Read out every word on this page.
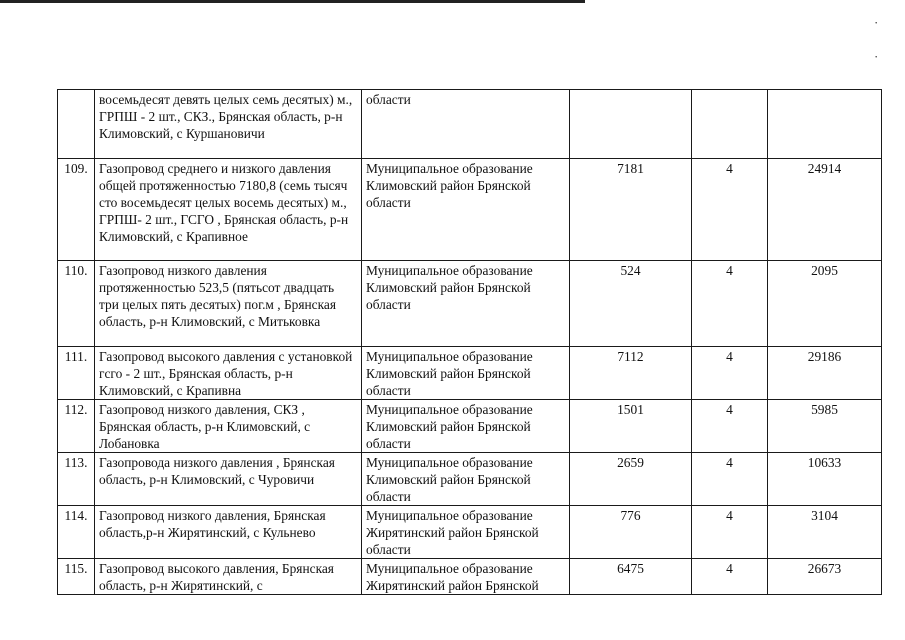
·
·
	восемьдесят девять целых семь десятых) м., ГРПШ - 2 шт., СКЗ., Брянская область, р-н Климовский, с Куршановичи	области			
109.	Газопровод среднего и низкого давления общей протяженностью 7180,8 (семь тысяч сто восемьдесят целых восемь десятых) м., ГРПШ- 2 шт., ГСГО , Брянская область, р-н Климовский, с Крапивное	Муниципальное образование Климовский район Брянской области	7181	4	24914
110.	Газопровод низкого давления протяженностью 523,5 (пятьсот двадцать три целых пять десятых) пог.м , Брянская область, р-н Климовский, с Митьковка	Муниципальное образование Климовский район Брянской области	524	4	2095
111.	Газопровод высокого давления с установкой гсго - 2 шт., Брянская область, р-н Климовский, с Крапивна	Муниципальное образование Климовский район Брянской области	7112	4	29186
112.	Газопровод низкого давления, СКЗ , Брянская область, р-н Климовский, с Лобановка	Муниципальное образование Климовский район Брянской области	1501	4	5985
113.	Газопровода низкого давления , Брянская область, р-н Климовский, с Чуровичи	Муниципальное образование Климовский район Брянской области	2659	4	10633
114.	Газопровод низкого давления, Брянская область,р-н Жирятинский, с Кульнево	Муниципальное образование Жирятинский район Брянской области	776	4	3104
115.	Газопровод высокого давления, Брянская область, р-н Жирятинский, с	Муниципальное образование Жирятинский район Брянской	6475	4	26673
